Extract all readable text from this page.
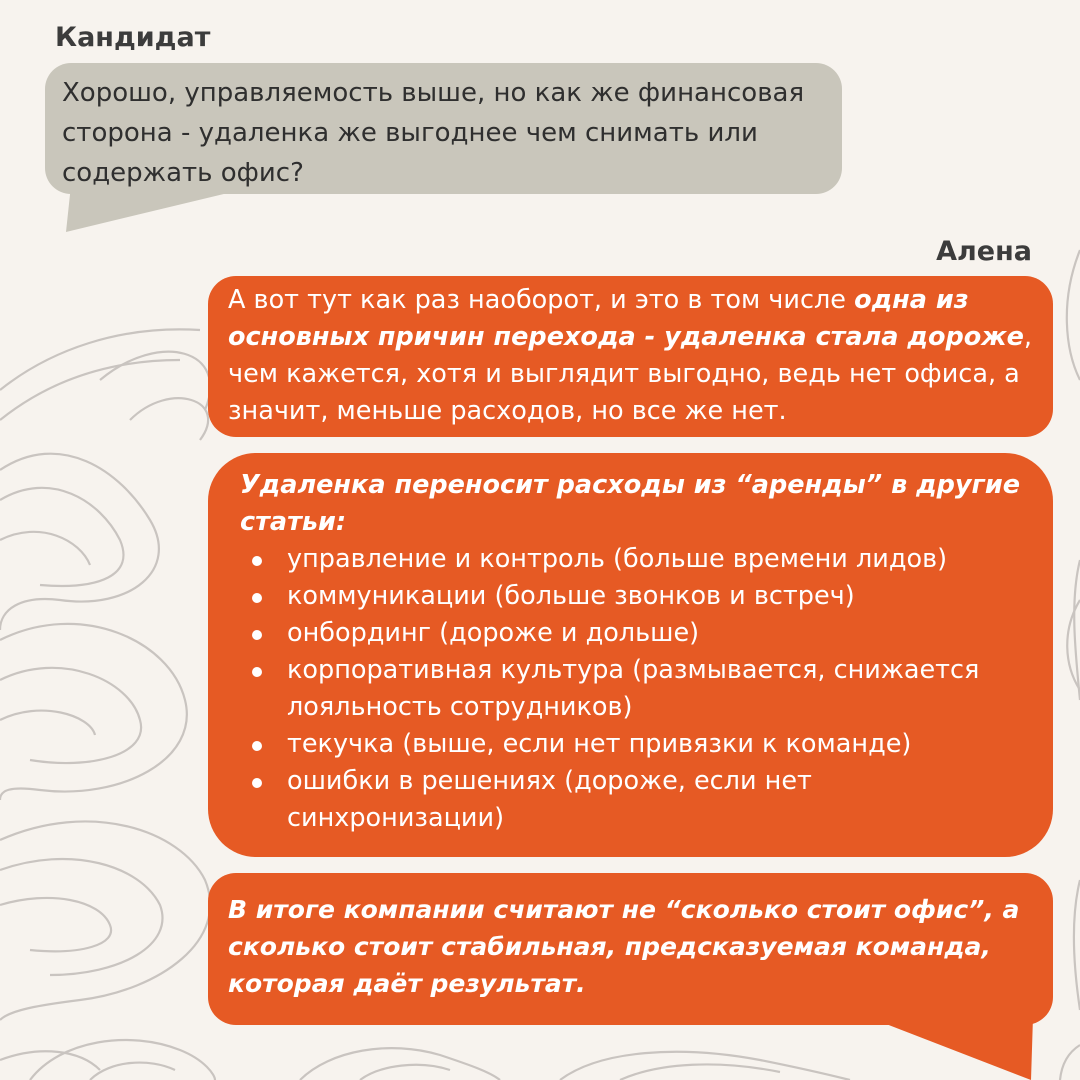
Кандидат
Хорошо, управляемость выше, но как же финансовая
сторона - удаленка же выгоднее чем снимать или
содержать офис?
Алена
А вот тут как раз наоборот, и это в том числе одна из
основных причин перехода - удаленка стала дороже,
чем кажется, хотя и выглядит выгодно, ведь нет офиса, а
значит, меньше расходов, но все же нет.
Удаленка переносит расходы из “аренды” в другие
статьи:
управление и контроль (больше времени лидов)
коммуникации (больше звонков и встреч)
онбординг (дороже и дольше)
корпоративная культура (размывается, снижается
лояльность сотрудников)
текучка (выше, если нет привязки к команде)
ошибки в решениях (дороже, если нет
синхронизации)
В итоге компании считают не “сколько стоит офис”, а
сколько стоит стабильная, предсказуемая команда,
которая даёт результат.
